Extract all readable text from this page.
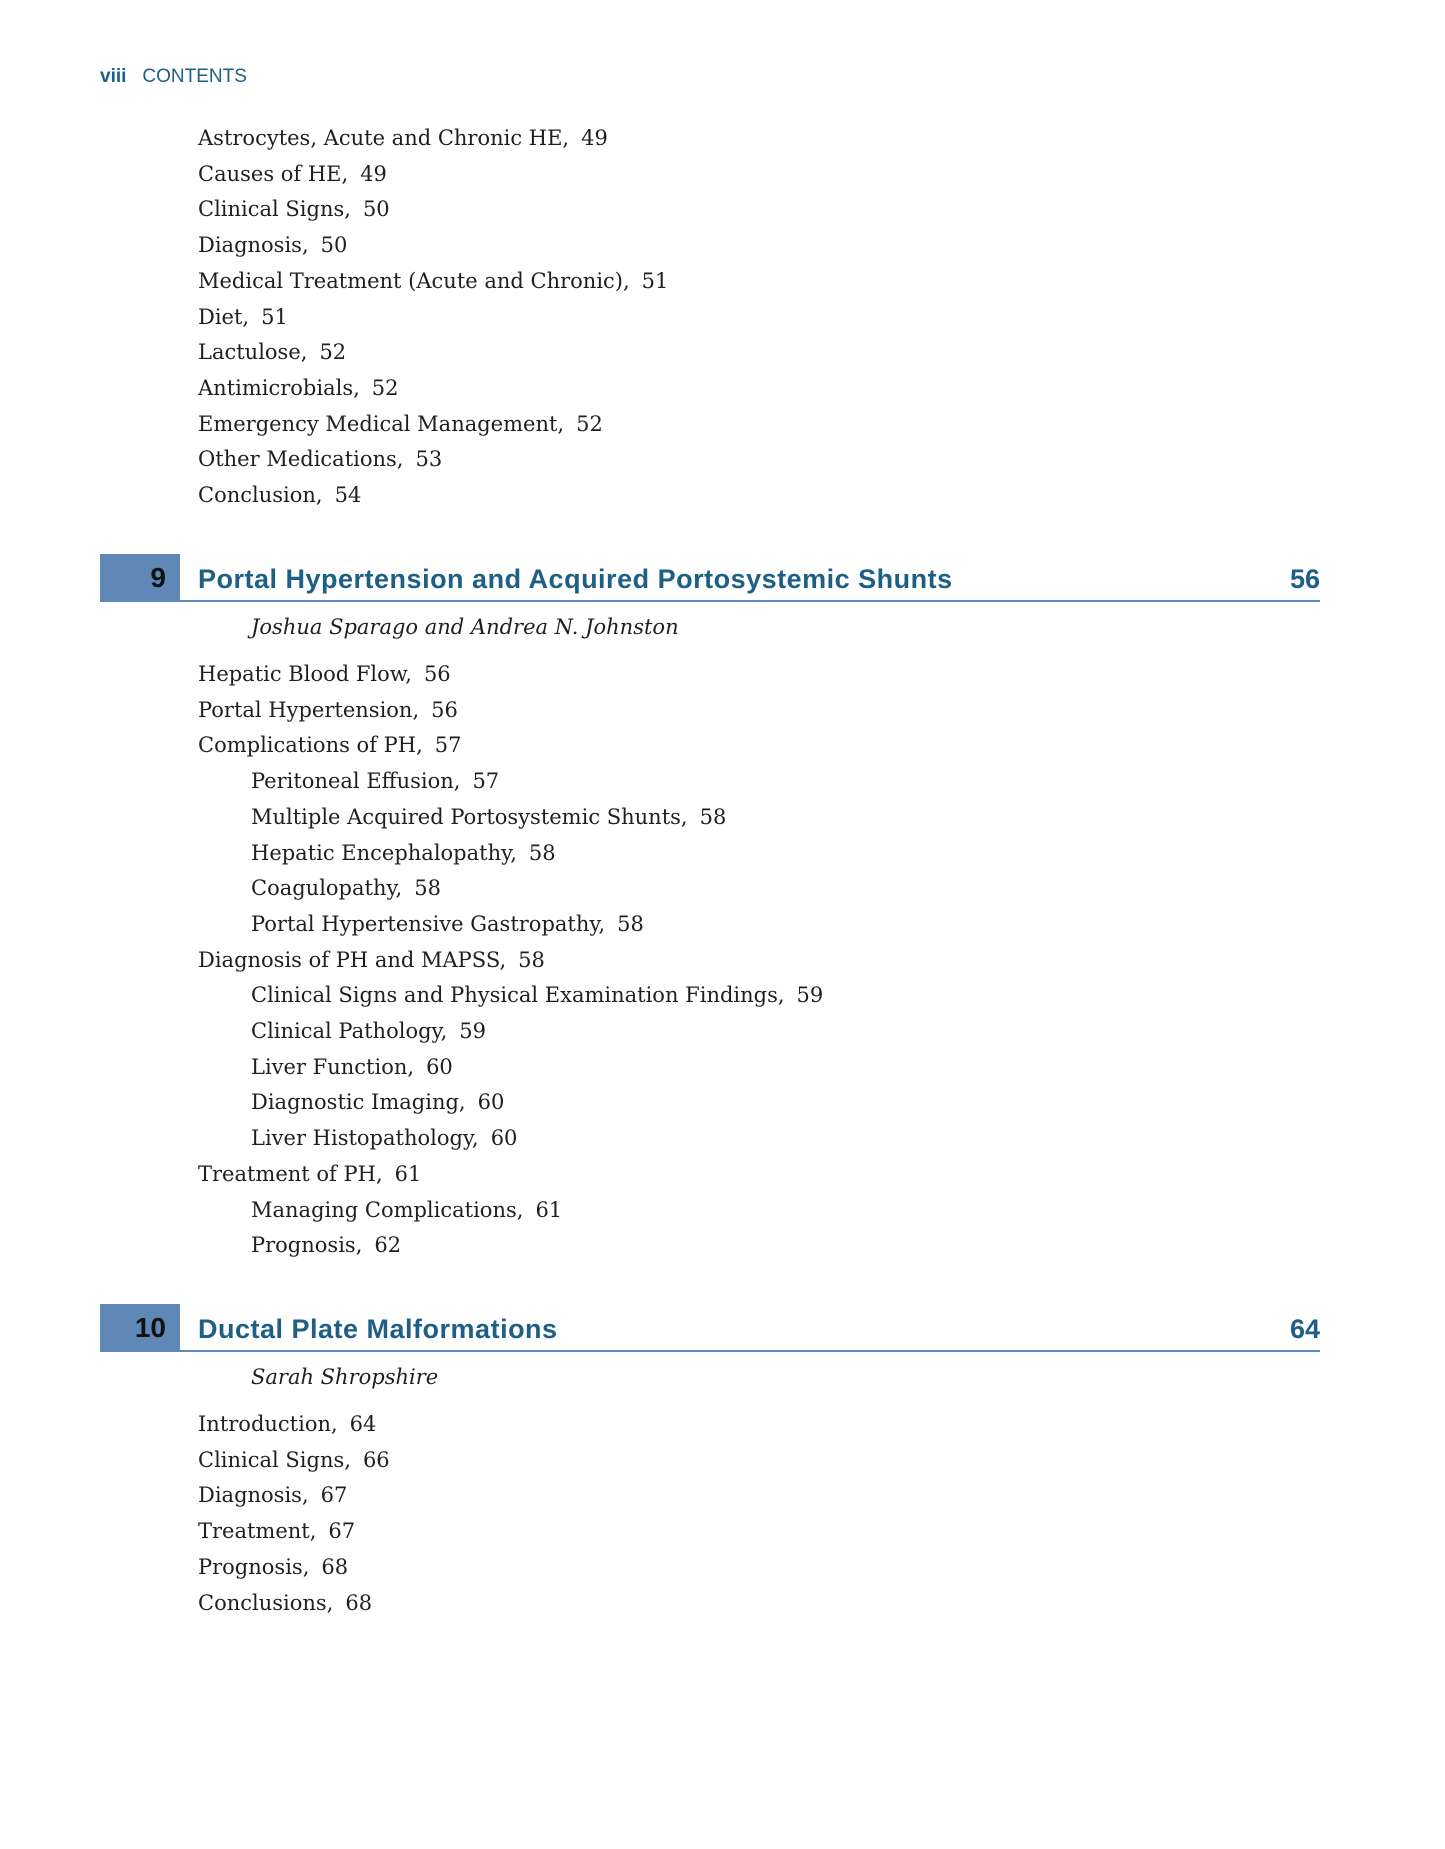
viii CONTENTS
Astrocytes, Acute and Chronic HE, 49
Causes of HE, 49
Clinical Signs, 50
Diagnosis, 50
Medical Treatment (Acute and Chronic), 51
Diet, 51
Lactulose, 52
Antimicrobials, 52
Emergency Medical Management, 52
Other Medications, 53
Conclusion, 54
9 Portal Hypertension and Acquired Portosystemic Shunts	56
Joshua Sparago and Andrea N. Johnston
Hepatic Blood Flow, 56
Portal Hypertension, 56
Complications of PH, 57
Peritoneal Effusion, 57
Multiple Acquired Portosystemic Shunts, 58
Hepatic Encephalopathy, 58
Coagulopathy, 58
Portal Hypertensive Gastropathy, 58
Diagnosis of PH and MAPSS, 58
Clinical Signs and Physical Examination Findings, 59
Clinical Pathology, 59
Liver Function, 60
Diagnostic Imaging, 60
Liver Histopathology, 60
Treatment of PH, 61
Managing Complications, 61
Prognosis, 62
10 Ductal Plate Malformations	64
Sarah Shropshire
Introduction, 64
Clinical Signs, 66
Diagnosis, 67
Treatment, 67
Prognosis, 68
Conclusions, 68
